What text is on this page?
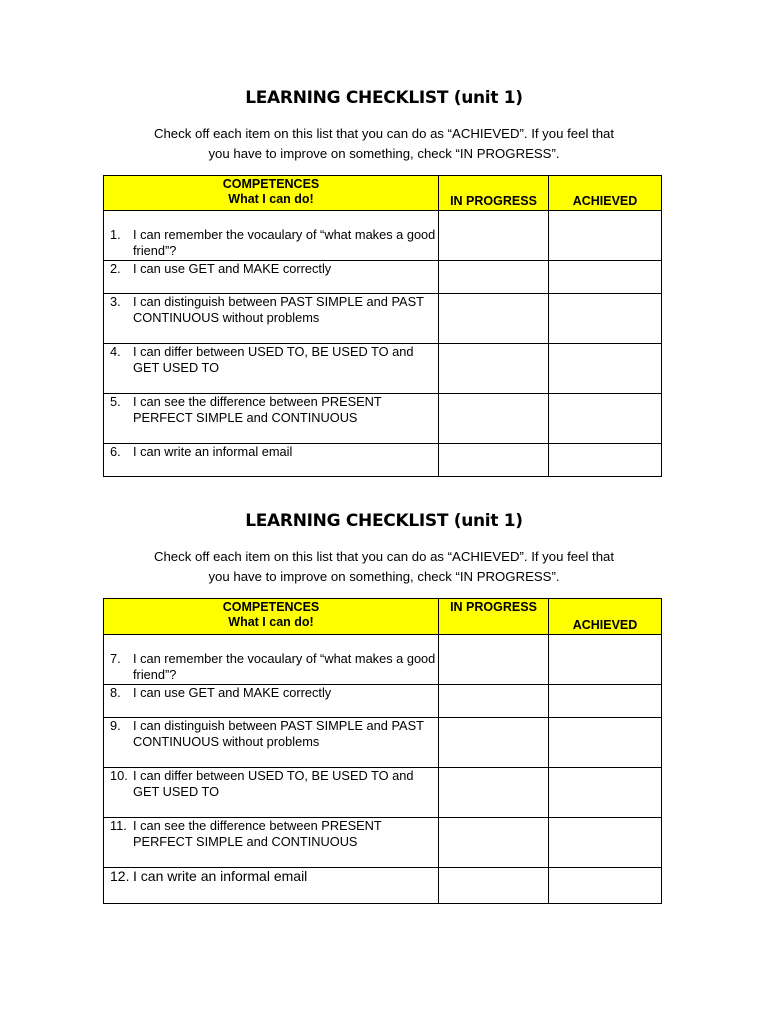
LEARNING CHECKLIST (unit 1)
Check off each item on this list that you can do as “ACHIEVED”. If you feel that
you have to improve on something, check “IN PROGRESS”.
COMPETENCES
What I can do!	IN PROGRESS	ACHIEVED

1. I can remember the vocaulary of “what makes a good friend”?		

2. I can use GET and MAKE correctly		

3. I can distinguish between PAST SIMPLE and PAST CONTINUOUS without problems		

4. I can differ between USED TO, BE USED TO and GET USED TO		

5. I can see the difference between PRESENT PERFECT SIMPLE and CONTINUOUS		

6. I can write an informal email		

LEARNING CHECKLIST (unit 1)
Check off each item on this list that you can do as “ACHIEVED”. If you feel that
you have to improve on something, check “IN PROGRESS”.
COMPETENCES
What I can do!	IN PROGRESS	ACHIEVED

7. I can remember the vocaulary of “what makes a good friend”?		

8. I can use GET and MAKE correctly		

9. I can distinguish between PAST SIMPLE and PAST CONTINUOUS without problems		

10. I can differ between USED TO, BE USED TO and GET USED TO		

11. I can see the difference between PRESENT PERFECT SIMPLE and CONTINUOUS		

12. I can write an informal email		
